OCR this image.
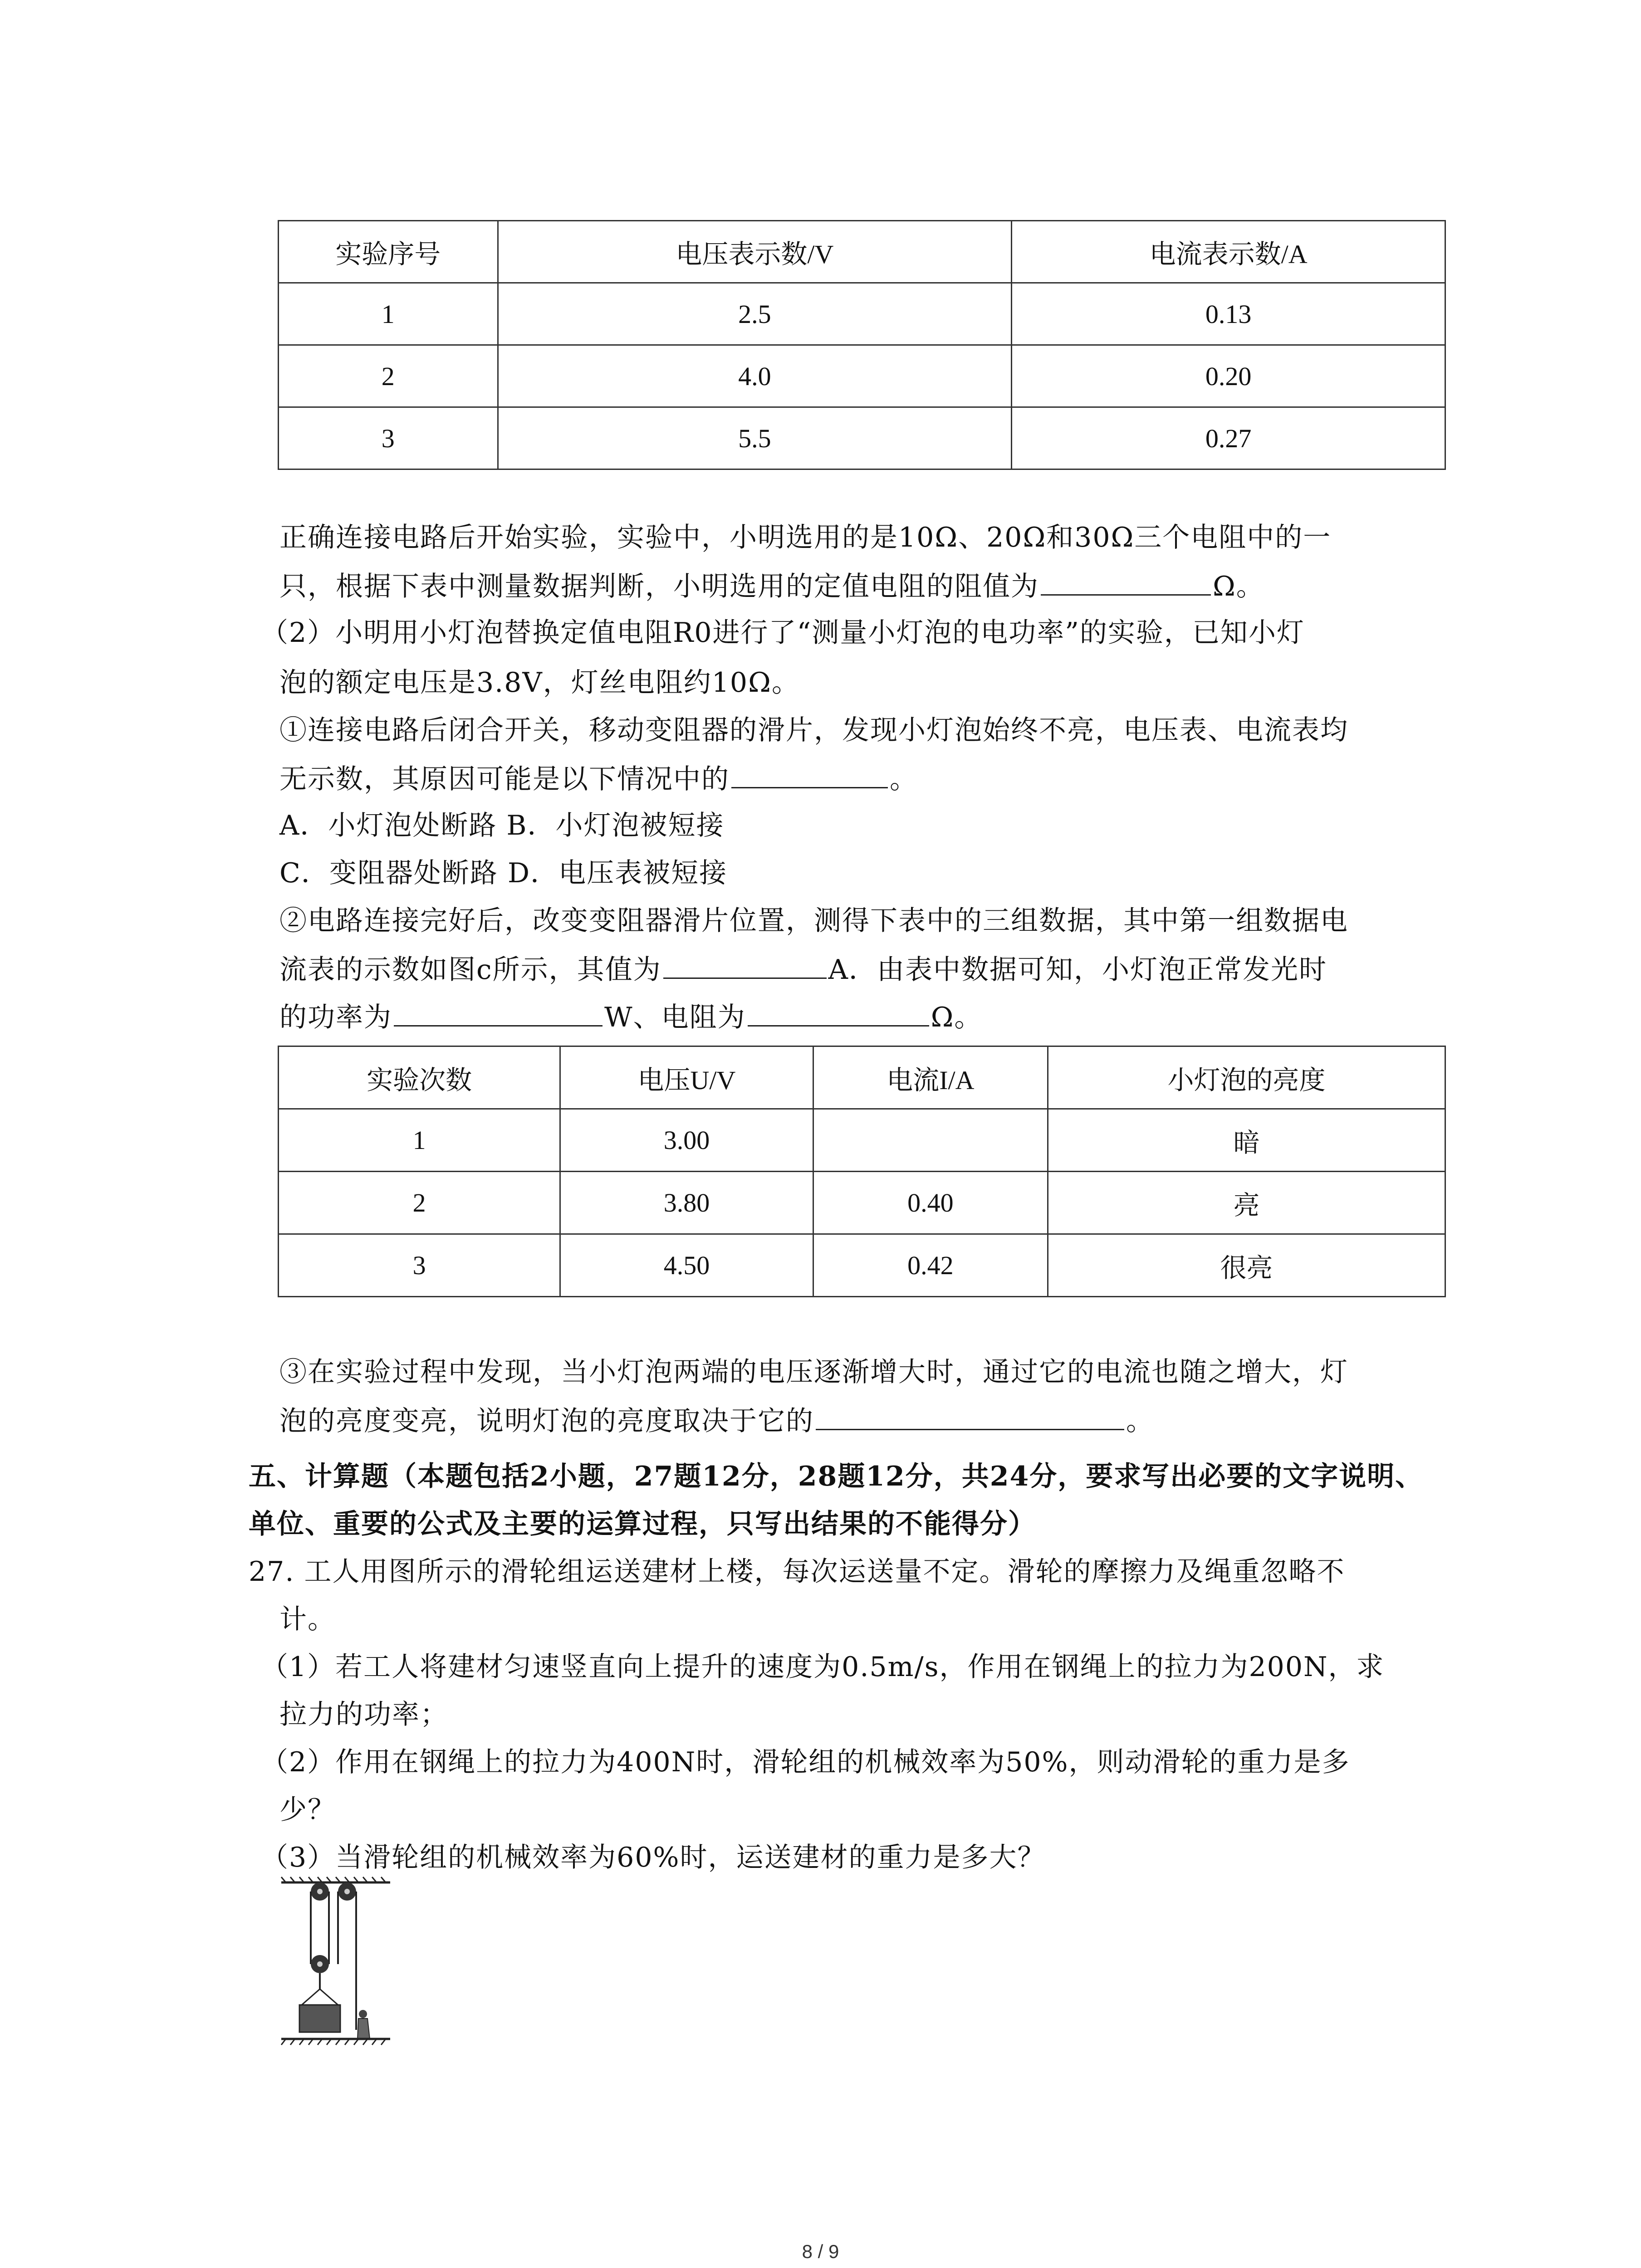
实验序号	电压表示数/V	电流表示数/A
1	2.5	0.13
2	4.0	0.20
3	5.5	0.27
正确连接电路后开始实验，实验中，小明选用的是10Ω、20Ω和30Ω三个电阻中的一
只，根据下表中测量数据判断，小明选用的定值电阻的阻值为	Ω。
（2）小明用小灯泡替换定值电阻R0进行了“测量小灯泡的电功率”的实验，已知小灯
泡的额定电压是3.8V，灯丝电阻约10Ω。
①连接电路后闭合开关，移动变阻器的滑片，发现小灯泡始终不亮，电压表、电流表均
无示数，其原因可能是以下情况中的	。
A．小灯泡处断路 B．小灯泡被短接
C．变阻器处断路 D．电压表被短接
②电路连接完好后，改变变阻器滑片位置，测得下表中的三组数据，其中第一组数据电
流表的示数如图c所示，其值为	A．由表中数据可知，小灯泡正常发光时
的功率为	W、电阻为	Ω。
实验次数	电压U/V	电流I/A	小灯泡的亮度
1	3.00		暗
2	3.80	0.40	亮
3	4.50	0.42	很亮
③在实验过程中发现，当小灯泡两端的电压逐渐增大时，通过它的电流也随之增大，灯
泡的亮度变亮，说明灯泡的亮度取决于它的	。
五、计算题（本题包括2小题，27题12分，28题12分，共24分，要求写出必要的文字说明、
单位、重要的公式及主要的运算过程，只写出结果的不能得分）
27. 工人用图所示的滑轮组运送建材上楼，每次运送量不定。滑轮的摩擦力及绳重忽略不
计。
（1）若工人将建材匀速竖直向上提升的速度为0.5m/s，作用在钢绳上的拉力为200N，求
拉力的功率；
（2）作用在钢绳上的拉力为400N时，滑轮组的机械效率为50%，则动滑轮的重力是多
少？
（3）当滑轮组的机械效率为60%时，运送建材的重力是多大？
8 / 9
